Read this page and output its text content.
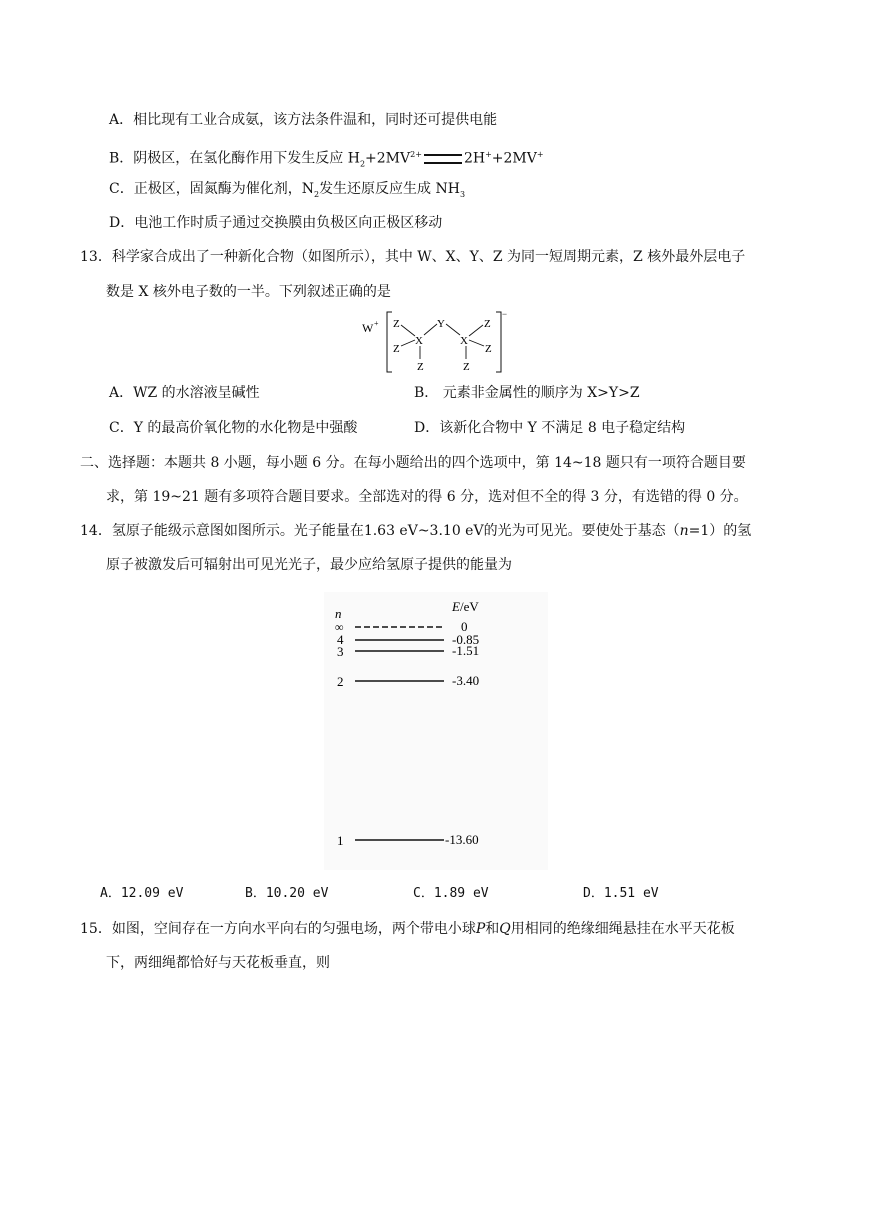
A．相比现有工业合成氨，该方法条件温和，同时还可提供电能
B．阴极区，在氢化酶作用下发生反应 $H_2+2MV^{2+}$	2H++2MV+
C．正极区，固氮酶为催化剂，$N_2$发生还原反应生成 $NH_3$
D．电池工作时质子通过交换膜由负极区向正极区移动
13．科学家合成出了一种新化合物（如图所示），其中 W、X、Y、Z 为同一短周期元素，Z 核外最外层电子
数是 X 核外电子数的一半。下列叙述正确的是
W +
−
Z
Z
X
Z
Y
X
Z
Z
Z
A．WZ 的水溶液呈碱性	B． 元素非金属性的顺序为 X>Y>Z
C．Y 的最高价氧化物的水化物是中强酸	D．该新化合物中 Y 不满足 8 电子稳定结构
二、选择题：本题共 8 小题，每小题 6 分。在每小题给出的四个选项中，第 14~18 题只有一项符合题目要
求，第 19~21 题有多项符合题目要求。全部选对的得 6 分，选对但不全的得 3 分，有选错的得 0 分。
14．氢原子能级示意图如图所示。光子能量在1.63 eV~3.10 eV的光为可见光。要使处于基态（n=1）的氢
原子被激发后可辐射出可见光光子，最少应给氢原子提供的能量为
n	E/eV
∞	0
4	-0.85
3	-1.51
2	-3.40
1	-13.60
A．12.09 eV	B．10.20 eV	C．1.89 eV	D．1.51 eV
15．如图，空间存在一方向水平向右的匀强电场，两个带电小球P和Q用相同的绝缘细绳悬挂在水平天花板
下，两细绳都恰好与天花板垂直，则
